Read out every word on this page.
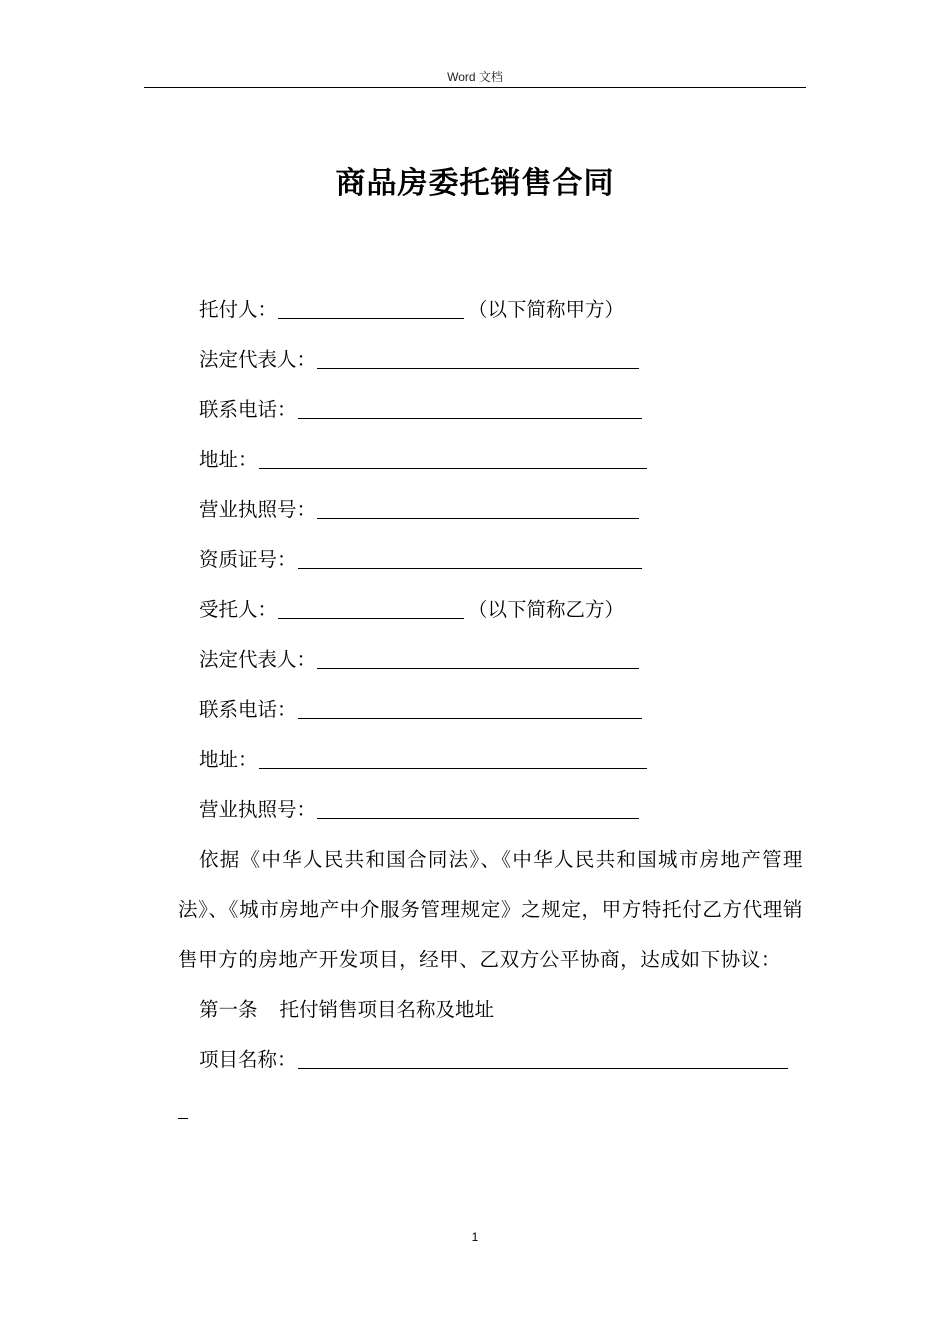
Word 文档
商品房委托销售合同
托付人：	（以下简称甲方）
法定代表人：
联系电话：
地址：
营业执照号：
资质证号：
受托人：	（以下简称乙方）
法定代表人：
联系电话：
地址：
营业执照号：
依据《中华人民共和国合同法》、《中华人民共和国城市房地产管理法》、《城市房地产中介服务管理规定》之规定，甲方特托付乙方代理销售甲方的房地产开发项目，经甲、乙双方公平协商，达成如下协议：
第一条 托付销售项目名称及地址
项目名称：
1
